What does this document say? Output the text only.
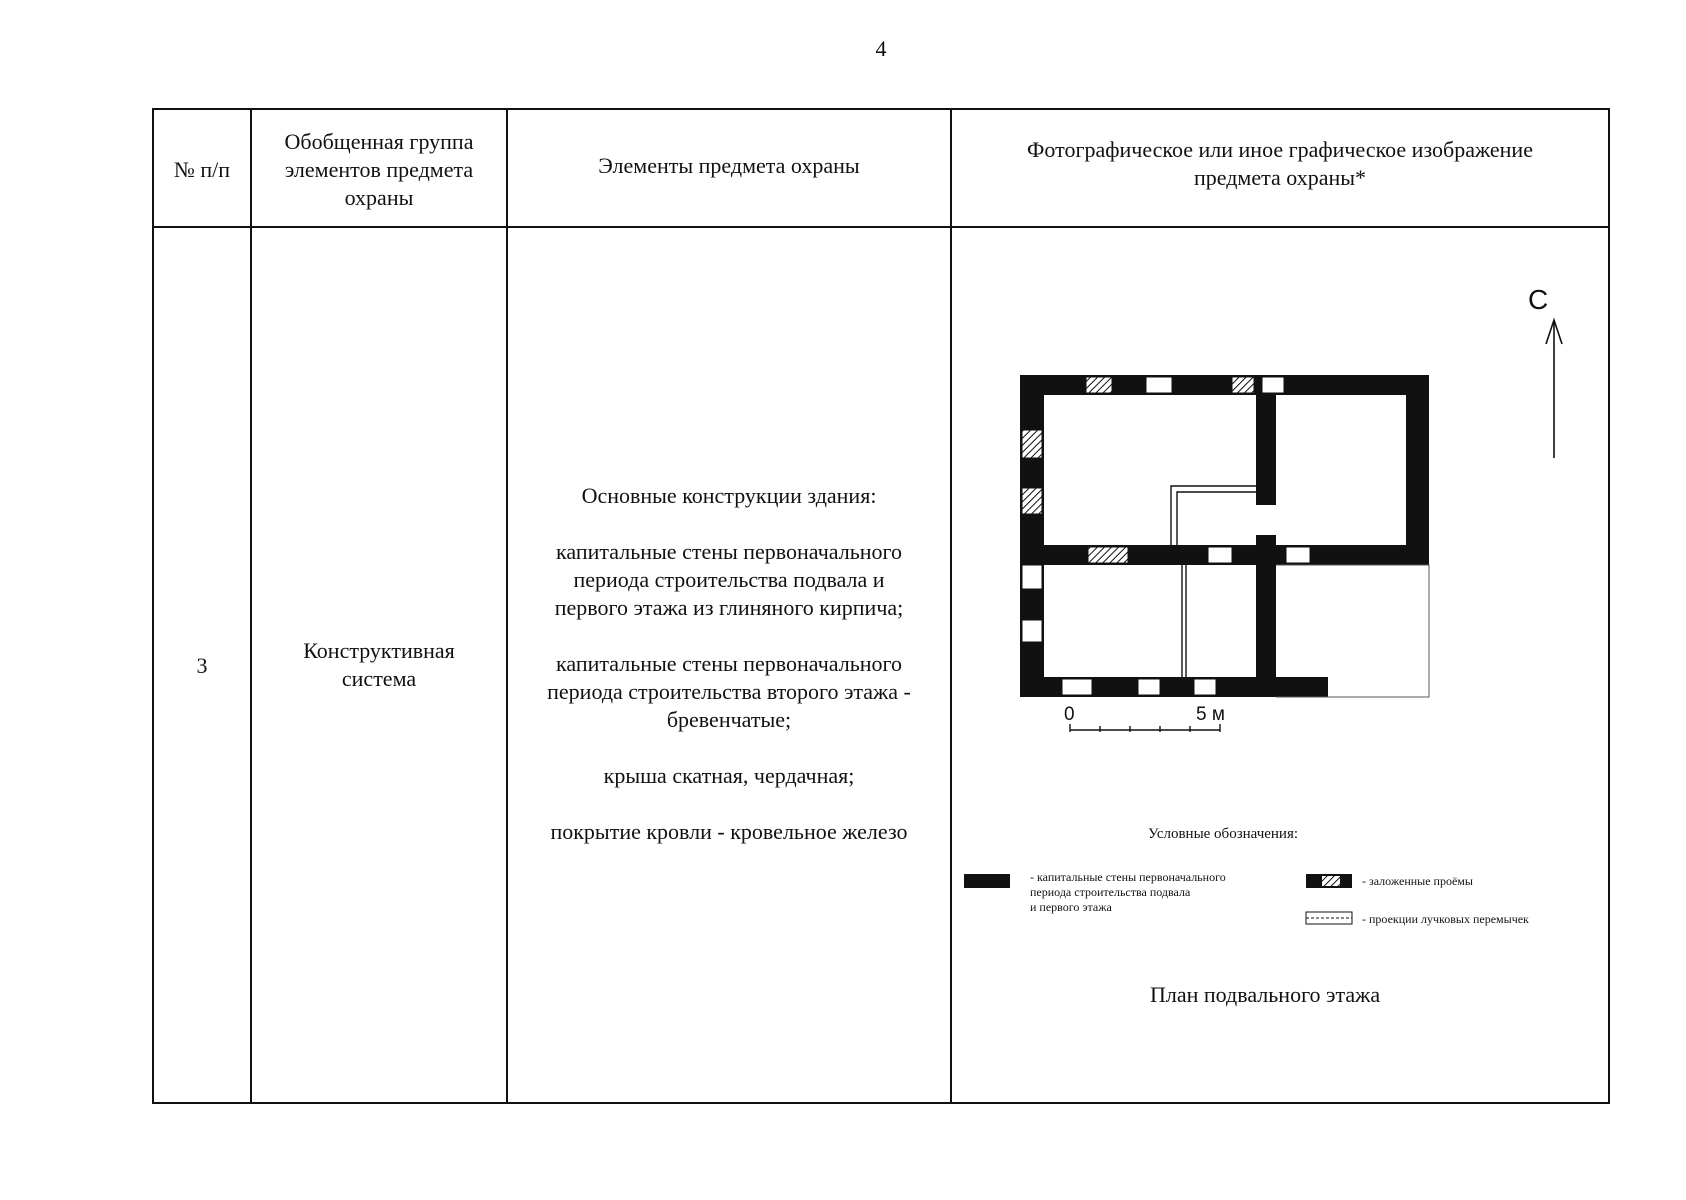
4
№ п/п
Обобщенная группа
элементов предмета
охраны
Элементы предмета охраны
Фотографическое или иное графическое изображение
предмета охраны*
3
Конструктивная
система
Основные конструкции здания:
капитальные стены первоначального
периода строительства подвала и
первого этажа из глиняного кирпича;
капитальные стены первоначального
периода строительства второго этажа -
бревенчатые;
крыша скатная, чердачная;
покрытие кровли - кровельное железо
С
0	5 м
Условные обозначения:
- капитальные стены первоначального
периода строительства подвала
и первого этажа
- заложенные проёмы
- проекции лучковых перемычек
План подвального этажа
